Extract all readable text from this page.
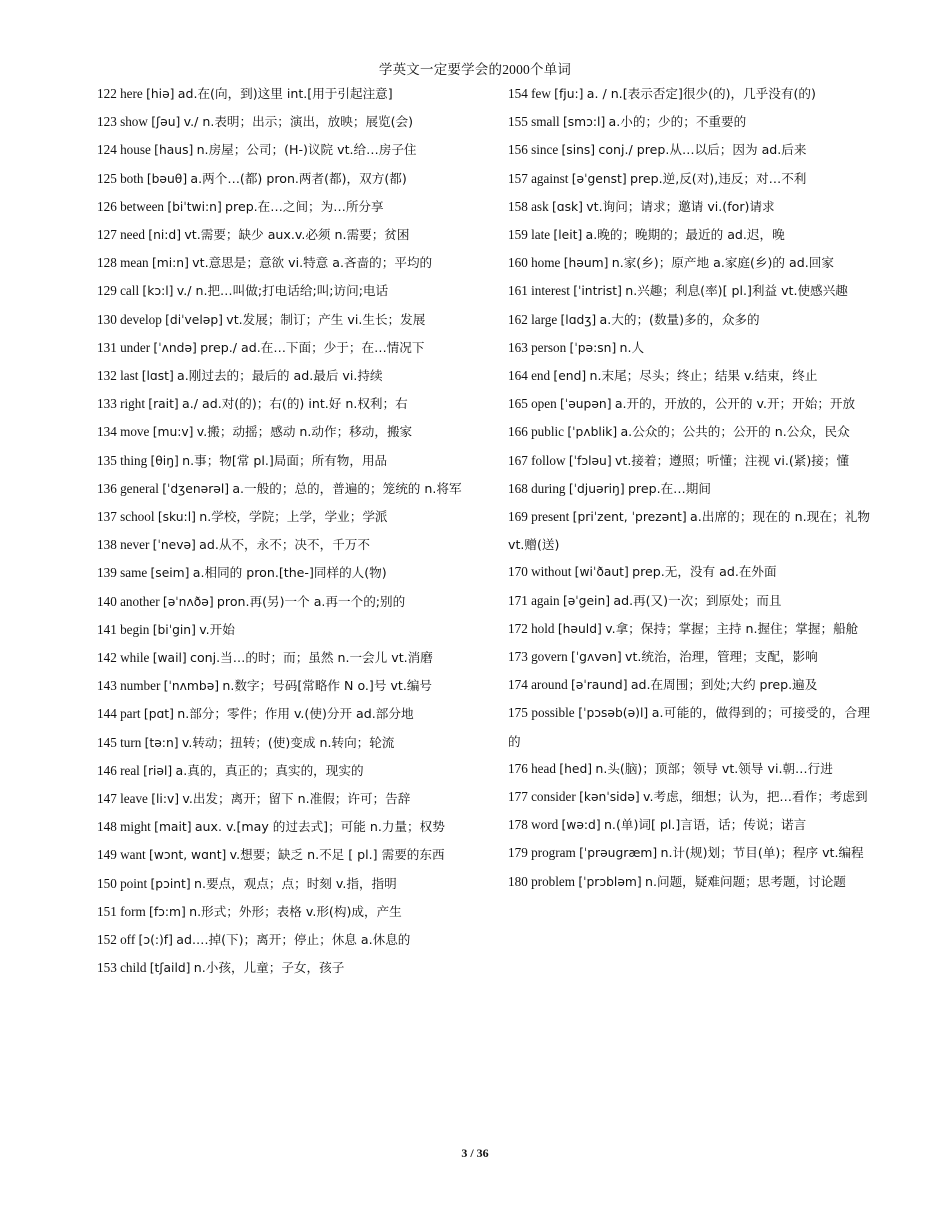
学英文一定要学会的2000个单词
122 here [hiə] ad.在(向，到)这里 int.[用于引起注意]
123 show [ʃəu] v./ n.表明；出示；演出，放映；展览(会)
124 house [haus] n.房屋；公司；(H-)议院 vt.给…房子住
125 both [bəuθ] a.两个…(都) pron.两者(都)，双方(都)
126 between [biˈtwi:n] prep.在…之间；为…所分享
127 need [ni:d] vt.需要；缺少 aux.v.必须 n.需要；贫困
128 mean [mi:n] vt.意思是；意欲 vi.特意 a.吝啬的；平均的
129 call [kɔ:l] v./ n.把…叫做;打电话给;叫;访问;电话
130 develop [diˈveləp] vt.发展；制订；产生 vi.生长；发展
131 under [ˈʌndə] prep./ ad.在…下面；少于；在…情况下
132 last [lɑst] a.刚过去的；最后的 ad.最后 vi.持续
133 right [rait] a./ ad.对(的)；右(的) int.好 n.权利；右
134 move [mu:v] v.搬；动摇；感动 n.动作；移动，搬家
135 thing [θiŋ] n.事；物[常 pl.]局面；所有物，用品
136 general [ˈdʒenərəl] a.一般的；总的，普遍的；笼统的 n.将军
137 school [sku:l] n.学校，学院；上学，学业；学派
138 never [ˈnevə] ad.从不，永不；决不，千万不
139 same [seim] a.相同的 pron.[the-]同样的人(物)
140 another [əˈnʌðə] pron.再(另)一个 a.再一个的;别的
141 begin [biˈgin] v.开始
142 while [wail] conj.当…的时；而；虽然 n.一会儿 vt.消磨
143 number [ˈnʌmbə] n.数字；号码[常略作 N o.]号 vt.编号
144 part [pɑt] n.部分；零件；作用 v.(使)分开 ad.部分地
145 turn [tə:n] v.转动；扭转；(使)变成 n.转向；轮流
146 real [riəl] a.真的，真正的；真实的，现实的
147 leave [li:v] v.出发；离开；留下 n.准假；许可；告辞
148 might [mait] aux. v.[may 的过去式]；可能 n.力量；权势
149 want [wɔnt, wɑnt] v.想要；缺乏 n.不足 [ pl.] 需要的东西
150 point [pɔint] n.要点，观点；点；时刻 v.指，指明
151 form [fɔ:m] n.形式；外形；表格 v.形(构)成，产生
152 off [ɔ(:)f] ad.…掉(下)；离开；停止；休息 a.休息的
153 child [tʃaild] n.小孩，儿童；子女，孩子
154 few [fju:] a. / n.[表示否定]很少(的)，几乎没有(的)
155 small [smɔ:l] a.小的；少的；不重要的
156 since [sins] conj./ prep.从…以后；因为 ad.后来
157 against [əˈgenst] prep.逆,反(对),违反；对…不利
158 ask [ɑsk] vt.询问；请求；邀请 vi.(for)请求
159 late [leit] a.晚的；晚期的；最近的 ad.迟，晚
160 home [həum] n.家(乡)；原产地 a.家庭(乡)的 ad.回家
161 interest [ˈintrist] n.兴趣；利息(率)[ pl.]利益 vt.使感兴趣
162 large [lɑdʒ] a.大的；(数量)多的，众多的
163 person [ˈpə:sn] n.人
164 end [end] n.末尾；尽头；终止；结果 v.结束，终止
165 open [ˈəupən] a.开的，开放的，公开的 v.开；开始；开放
166 public [ˈpʌblik] a.公众的；公共的；公开的 n.公众，民众
167 follow [ˈfɔləu] vt.接着；遵照；听懂；注视 vi.(紧)接；懂
168 during [ˈdjuəriŋ] prep.在…期间
169 present [priˈzent, ˈprezənt] a.出席的；现在的 n.现在；礼物 vt.赠(送)
170 without [wiˈðaut] prep.无，没有 ad.在外面
171 again [əˈgein] ad.再(又)一次；到原处；而且
172 hold [həuld] v.拿；保持；掌握；主持 n.握住；掌握；船舱
173 govern [ˈgʌvən] vt.统治，治理，管理；支配，影响
174 around [əˈraund] ad.在周围；到处;大约 prep.遍及
175 possible [ˈpɔsəb(ə)l] a.可能的，做得到的；可接受的，合理的
176 head [hed] n.头(脑)；顶部；领导 vt.领导 vi.朝…行进
177 consider [kənˈsidə] v.考虑，细想；认为，把…看作；考虑到
178 word [wə:d] n.(单)词[ pl.]言语，话；传说；诺言
179 program [ˈprəugræm] n.计(规)划；节目(单)；程序 vt.编程
180 problem [ˈprɔbləm] n.问题，疑难问题；思考题，讨论题
3 / 36
